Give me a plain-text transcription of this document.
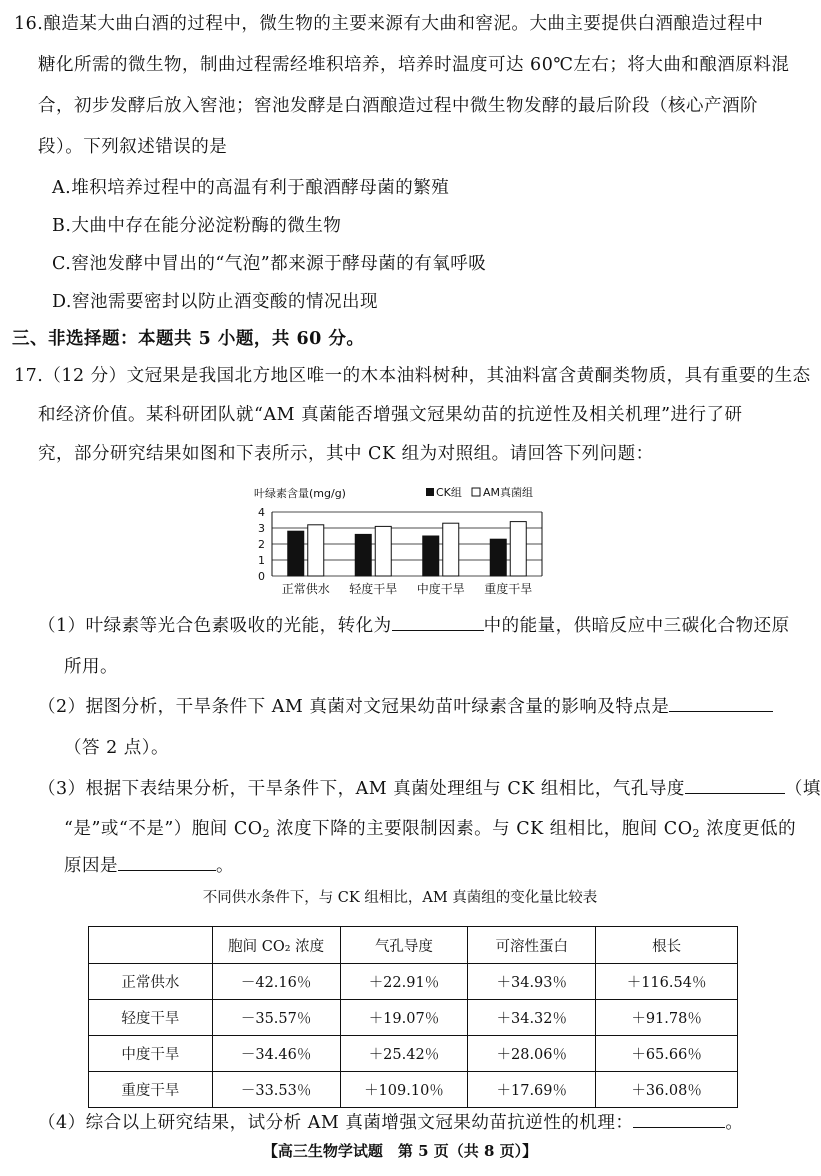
16.酿造某大曲白酒的过程中，微生物的主要来源有大曲和窖泥。大曲主要提供白酒酿造过程中
糖化所需的微生物，制曲过程需经堆积培养，培养时温度可达 60℃左右；将大曲和酿酒原料混
合，初步发酵后放入窖池；窖池发酵是白酒酿造过程中微生物发酵的最后阶段（核心产酒阶
段）。下列叙述错误的是
A.堆积培养过程中的高温有利于酿酒酵母菌的繁殖
B.大曲中存在能分泌淀粉酶的微生物
C.窖池发酵中冒出的“气泡”都来源于酵母菌的有氧呼吸
D.窖池需要密封以防止酒变酸的情况出现
三、非选择题：本题共 5 小题，共 60 分。
17.（12 分）文冠果是我国北方地区唯一的木本油料树种，其油料富含黄酮类物质，具有重要的生态
和经济价值。某科研团队就“AM 真菌能否增强文冠果幼苗的抗逆性及相关机理”进行了研
究，部分研究结果如图和下表所示，其中 CK 组为对照组。请回答下列问题：
叶绿素含量(mg/g)	CK组 AM真菌组
0
1
2
3
4
正常供水 轻度干旱 中度干旱 重度干旱
（1）叶绿素等光合色素吸收的光能，转化为	中的能量，供暗反应中三碳化合物还原
所用。
（2）据图分析，干旱条件下 AM 真菌对文冠果幼苗叶绿素含量的影响及特点是
（答 2 点）。
（3）根据下表结果分析，干旱条件下，AM 真菌处理组与 CK 组相比，气孔导度	（填
“是”或“不是”）胞间 $CO_2$ 浓度下降的主要限制因素。与 CK 组相比，胞间 $CO_2$ 浓度更低的
原因是	。
不同供水条件下，与 CK 组相比，AM 真菌组的变化量比较表
	胞间 CO₂ 浓度	气孔导度	可溶性蛋白	根长
正常供水	－42.16％	＋22.91％	＋34.93％	＋116.54％
轻度干旱	－35.57％	＋19.07％	＋34.32％	＋91.78％
中度干旱	－34.46％	＋25.42％	＋28.06％	＋65.66％
重度干旱	－33.53％	＋109.10％	＋17.69％	＋36.08％
（4）综合以上研究结果，试分析 AM 真菌增强文冠果幼苗抗逆性的机理：	。
【高三生物学试题　第 5 页（共 8 页）】
